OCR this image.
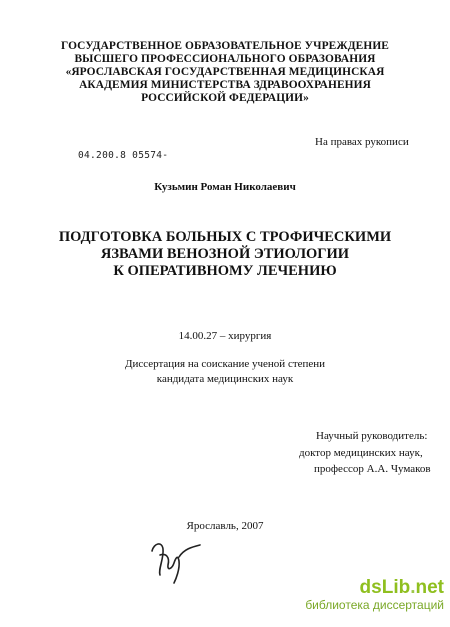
ГОСУДАРСТВЕННОЕ ОБРАЗОВАТЕЛЬНОЕ УЧРЕЖДЕНИЕ
ВЫСШЕГО ПРОФЕССИОНАЛЬНОГО ОБРАЗОВАНИЯ
«ЯРОСЛАВСКАЯ ГОСУДАРСТВЕННАЯ МЕДИЦИНСКАЯ
АКАДЕМИЯ МИНИСТЕРСТВА ЗДРАВООХРАНЕНИЯ
РОССИЙСКОЙ ФЕДЕРАЦИИ»
На правах рукописи
04.200.8 05574-
Кузьмин Роман Николаевич
ПОДГОТОВКА БОЛЬНЫХ С ТРОФИЧЕСКИМИ
ЯЗВАМИ ВЕНОЗНОЙ ЭТИОЛОГИИ
К ОПЕРАТИВНОМУ ЛЕЧЕНИЮ
14.00.27 – хирургия
Диссертация на соискание ученой степени
кандидата медицинских наук
Научный руководитель:
доктор медицинских наук,
профессор А.А. Чумаков
Ярославль, 2007
dsLib.net
библиотека диссертаций
